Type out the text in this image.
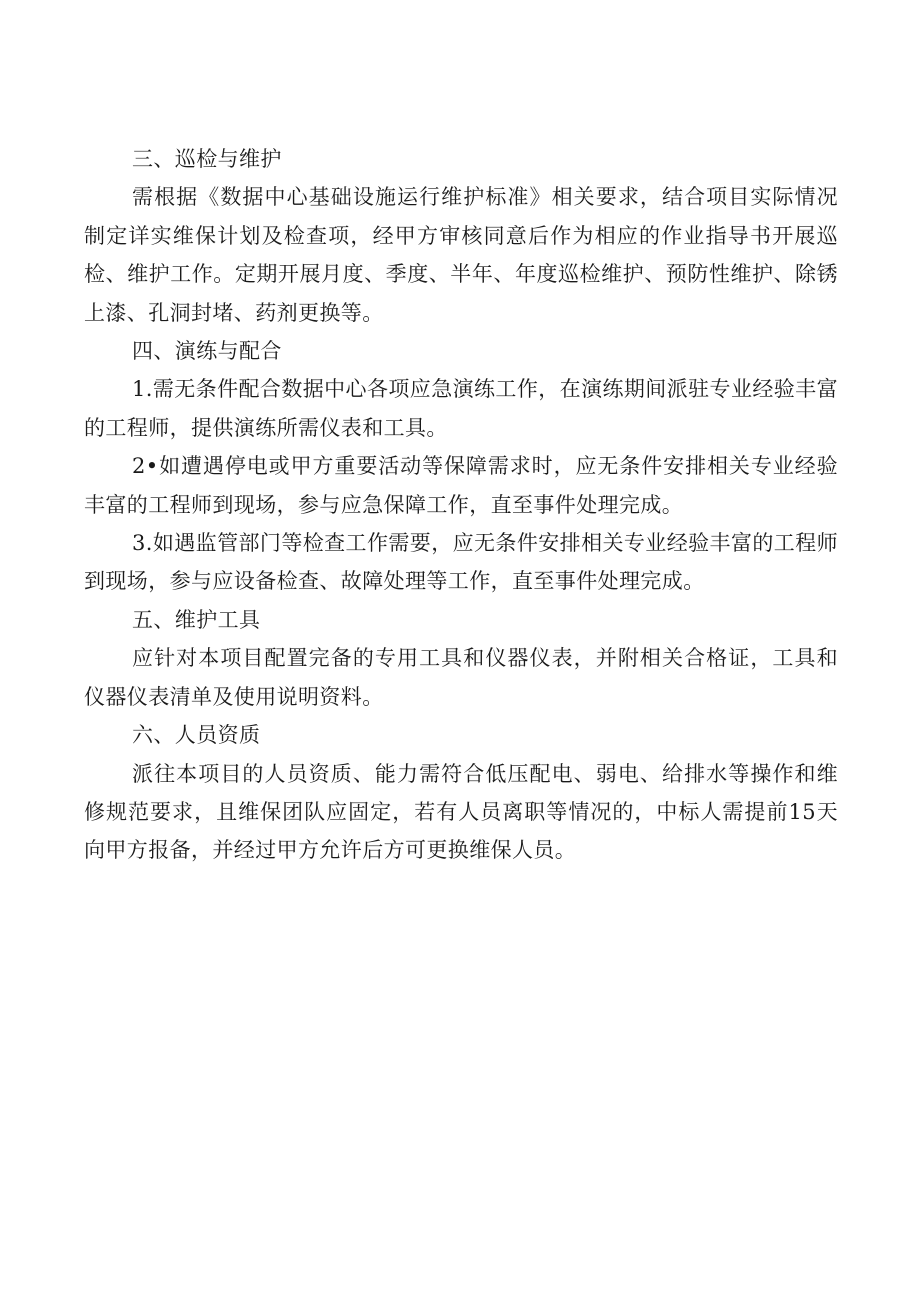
三、巡检与维护

需根据《数据中心基础设施运行维护标准》相关要求，结合项目实际情况制定详实维保计划及检查项，经甲方审核同意后作为相应的作业指导书开展巡检、维护工作。定期开展月度、季度、半年、年度巡检维护、预防性维护、除锈上漆、孔洞封堵、药剂更换等。

四、演练与配合

1.需无条件配合数据中心各项应急演练工作，在演练期间派驻专业经验丰富的工程师，提供演练所需仪表和工具。

2•如遭遇停电或甲方重要活动等保障需求时，应无条件安排相关专业经验丰富的工程师到现场，参与应急保障工作，直至事件处理完成。

3.如遇监管部门等检查工作需要，应无条件安排相关专业经验丰富的工程师到现场，参与应设备检查、故障处理等工作，直至事件处理完成。

五、维护工具

应针对本项目配置完备的专用工具和仪器仪表，并附相关合格证，工具和仪器仪表清单及使用说明资料。

六、人员资质

派往本项目的人员资质、能力需符合低压配电、弱电、给排水等操作和维修规范要求，且维保团队应固定，若有人员离职等情况的，中标人需提前15天向甲方报备，并经过甲方允许后方可更换维保人员。
